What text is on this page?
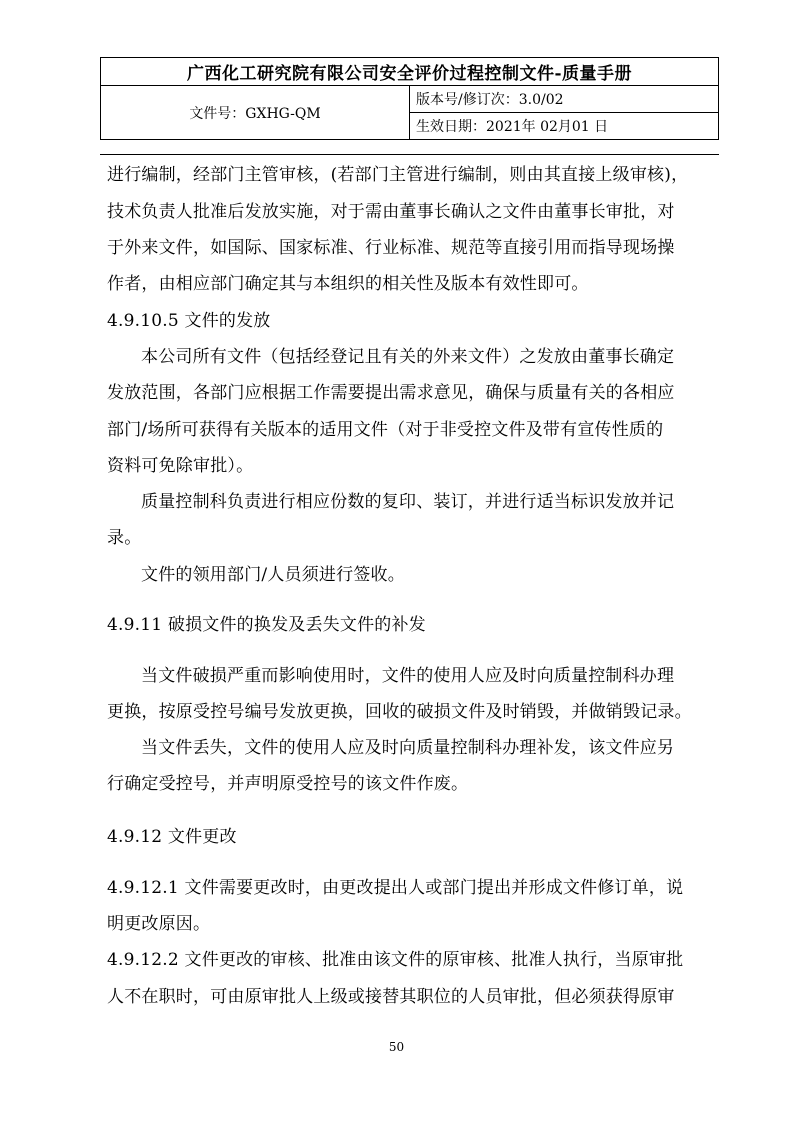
广西化工研究院有限公司安全评价过程控制文件-质量手册
文件号：GXHG-QM	版本号/修订次：3.0/02
生效日期：2021年 02月01 日
进行编制，经部门主管审核，(若部门主管进行编制，则由其直接上级审核)，
技术负责人批准后发放实施，对于需由董事长确认之文件由董事长审批，对
于外来文件，如国际、国家标准、行业标准、规范等直接引用而指导现场操
作者，由相应部门确定其与本组织的相关性及版本有效性即可。
4.9.10.5 文件的发放
本公司所有文件（包括经登记且有关的外来文件）之发放由董事长确定
发放范围，各部门应根据工作需要提出需求意见，确保与质量有关的各相应
部门/场所可获得有关版本的适用文件（对于非受控文件及带有宣传性质的
资料可免除审批）。
质量控制科负责进行相应份数的复印、装订，并进行适当标识发放并记
录。
文件的领用部门/人员须进行签收。
4.9.11 破损文件的换发及丢失文件的补发
当文件破损严重而影响使用时，文件的使用人应及时向质量控制科办理
更换，按原受控号编号发放更换，回收的破损文件及时销毁，并做销毁记录。
当文件丢失，文件的使用人应及时向质量控制科办理补发，该文件应另
行确定受控号，并声明原受控号的该文件作废。
4.9.12 文件更改
4.9.12.1 文件需要更改时，由更改提出人或部门提出并形成文件修订单，说
明更改原因。
4.9.12.2 文件更改的审核、批准由该文件的原审核、批准人执行，当原审批
人不在职时，可由原审批人上级或接替其职位的人员审批，但必须获得原审
50
